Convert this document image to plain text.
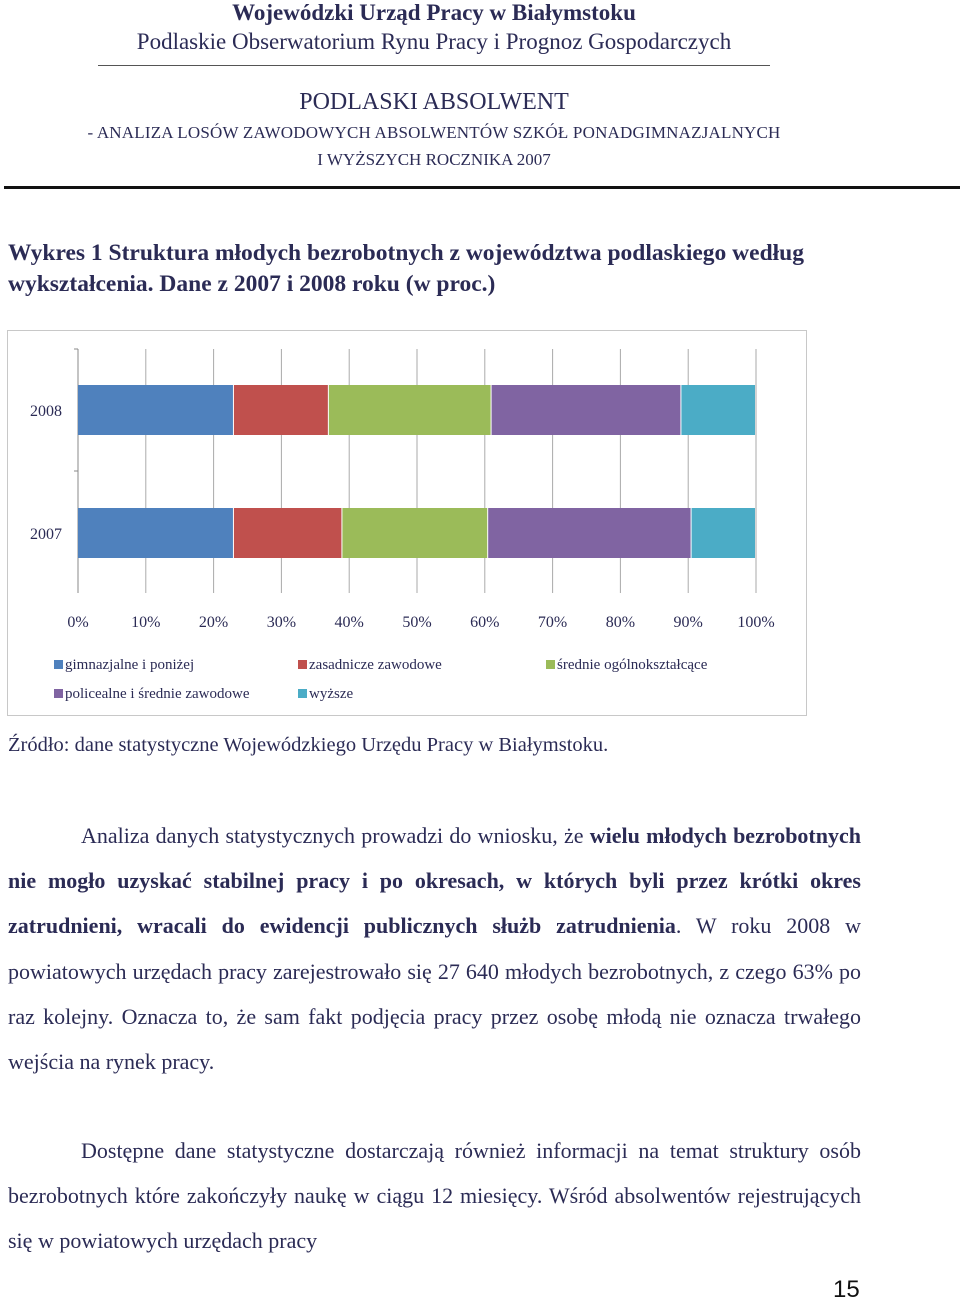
Wojewódzki Urząd Pracy w Białymstoku
Podlaskie Obserwatorium Rynu Pracy i Prognoz Gospodarczych
PODLASKI ABSOLWENT
- ANALIZA LOSÓW ZAWODOWYCH ABSOLWENTÓW SZKÓŁ PONADGIMNAZJALNYCH
I WYŻSZYCH ROCZNIKA 2007
Wykres 1 Struktura młodych bezrobotnych z województwa podlaskiego według wykształcenia. Dane z 2007 i 2008 roku (w proc.)
0%	10% 20% 30% 40% 50% 60% 70% 80% 90% 100%
2008
2007
gimnazjalne i poniżej	zasadnicze zawodowe	średnie ogólnokształcące
policealne i średnie zawodowe	wyższe
Źródło: dane statystyczne Wojewódzkiego Urzędu Pracy w Białymstoku.
Analiza danych statystycznych prowadzi do wniosku, że wielu młodych bezrobotnych nie mogło uzyskać stabilnej pracy i po okresach, w których byli przez krótki okres zatrudnieni, wracali do ewidencji publicznych służb zatrudnienia. W roku 2008 w powiatowych urzędach pracy zarejestrowało się 27 640 młodych bezrobotnych, z czego 63% po raz kolejny. Oznacza to, że sam fakt podjęcia pracy przez osobę młodą nie oznacza trwałego wejścia na rynek pracy.
Dostępne dane statystyczne dostarczają również informacji na temat struktury osób bezrobotnych które zakończyły naukę w ciągu 12 miesięcy. Wśród absolwentów rejestrujących się w powiatowych urzędach pracy
15
